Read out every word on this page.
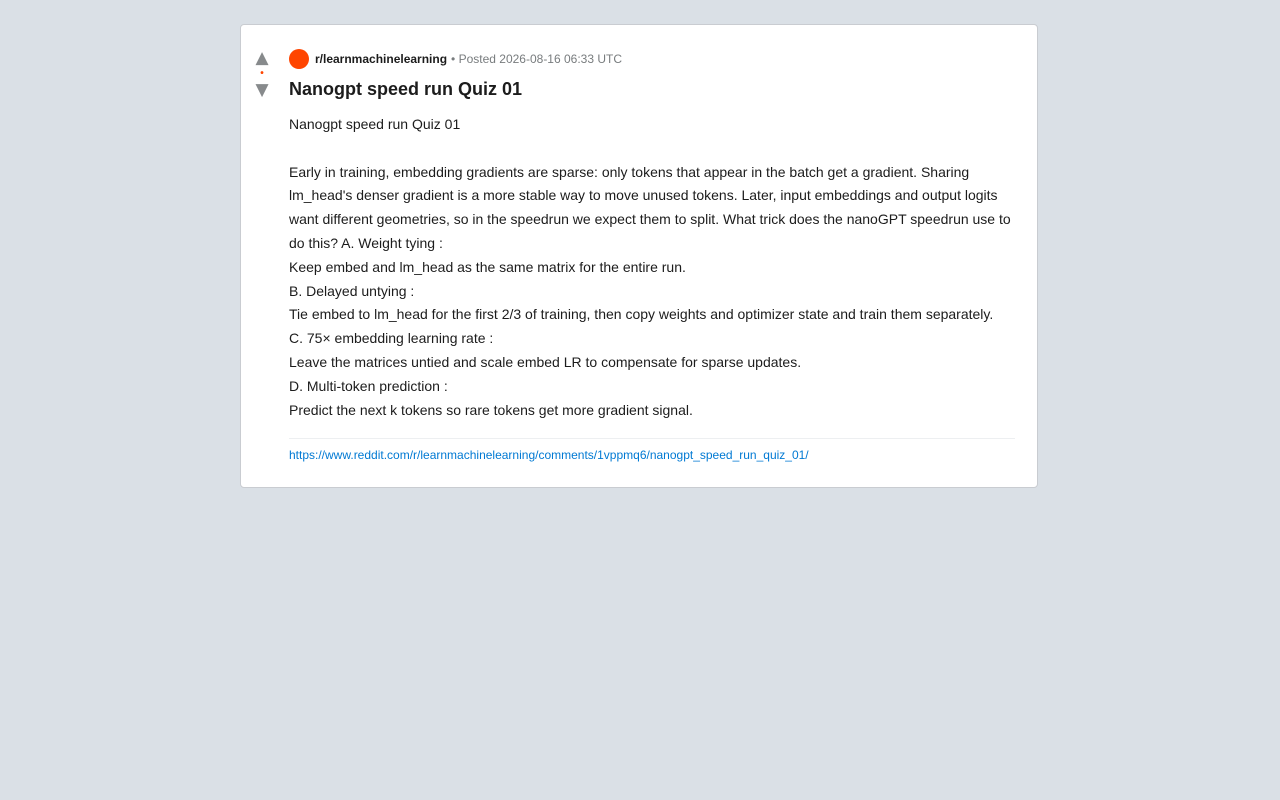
▲
•
▼
r/learnmachinelearning • Posted 2026-08-16 06:33 UTC
Nanogpt speed run Quiz 01
Nanogpt speed run Quiz 01

Early in training, embedding gradients are sparse: only tokens that appear in the batch get a gradient. Sharing lm_head's denser gradient is a more stable way to move unused tokens. Later, input embeddings and output logits want different geometries, so in the speedrun we expect them to split. What trick does the nanoGPT speedrun use to do this? A. Weight tying :
Keep embed and lm_head as the same matrix for the entire run.
B. Delayed untying :
Tie embed to lm_head for the first 2/3 of training, then copy weights and optimizer state and train them separately.
C. 75× embedding learning rate :
Leave the matrices untied and scale embed LR to compensate for sparse updates.
D. Multi-token prediction :
Predict the next k tokens so rare tokens get more gradient signal.
https://www.reddit.com/r/learnmachinelearning/comments/1vppmq6/nanogpt_speed_run_quiz_01/
